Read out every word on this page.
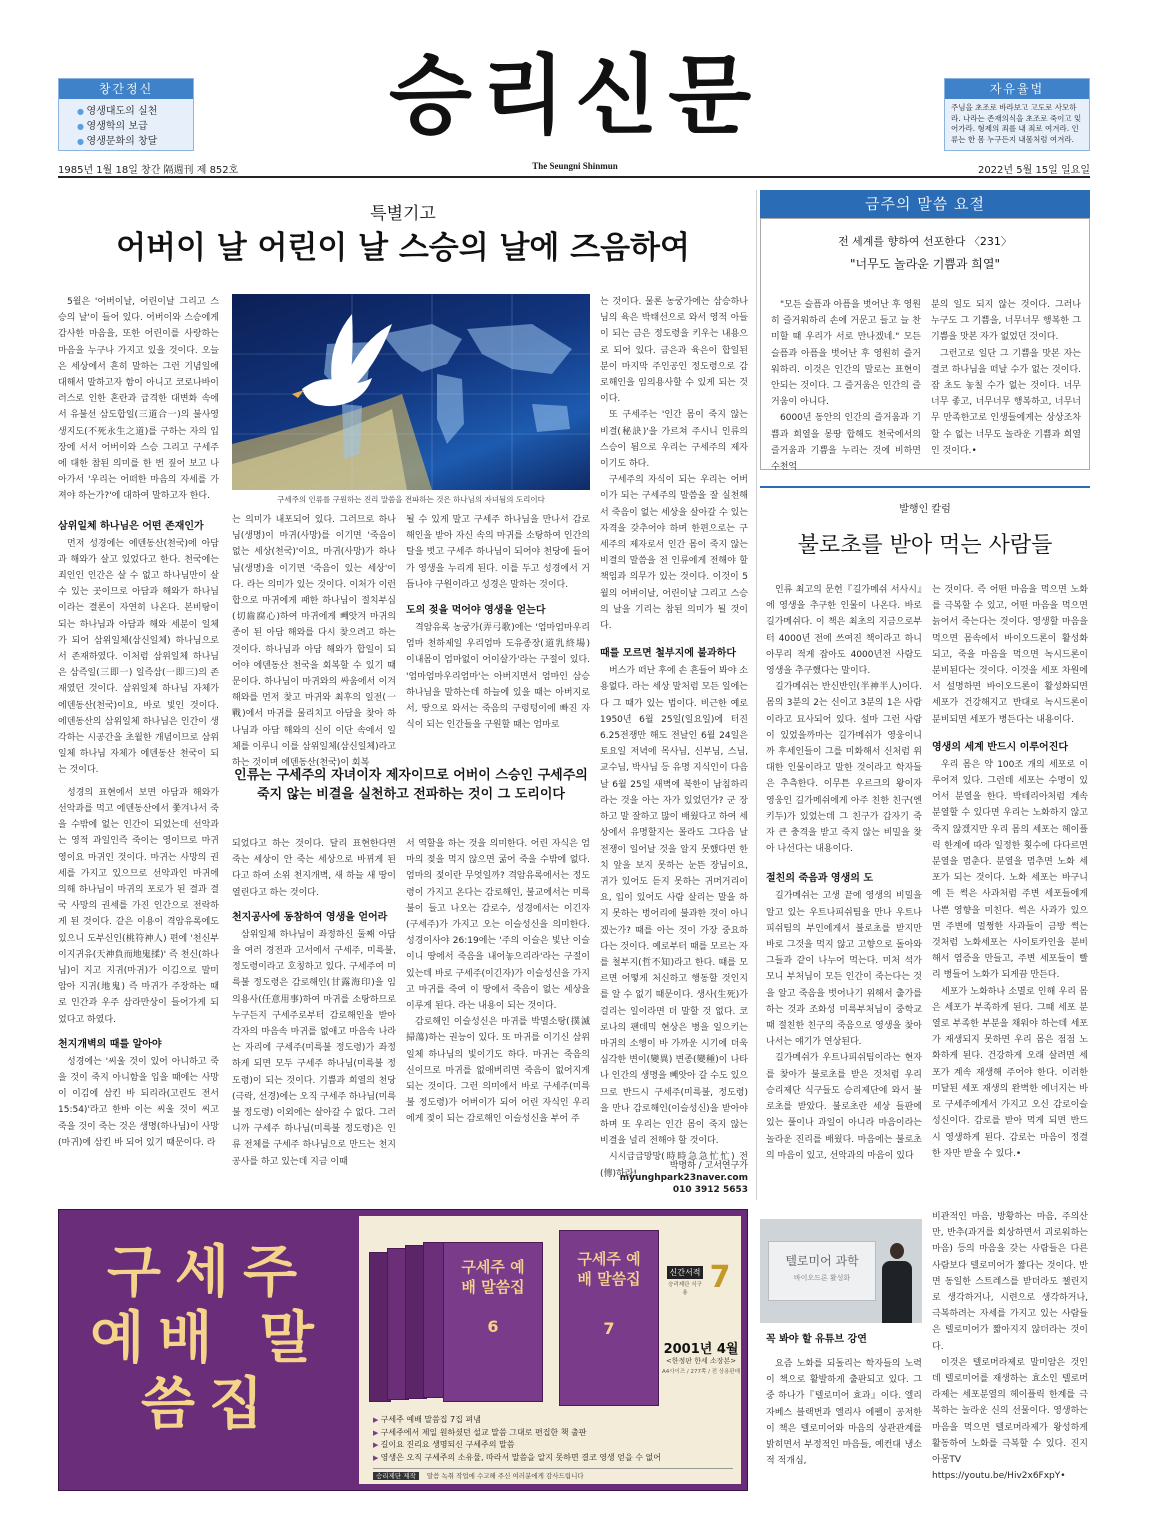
창간정신
● 영생대도의 실천
● 영생학의 보급
● 영생문화의 창달	승리신문	자유율법
주님을 초조로 바라보고 고도로 사모하라. 나라는 존재의식을 초조로 죽이고 잊어가라. 형제의 죄를 내 죄로 여겨라. 인류는 한 몸 누구든지 내몸처럼 여겨라.
1985년 1월 18일 창간 隔週刊 제 852호	The Seungni Shinmun	2022년 5월 15일 일요일
특별기고
어버이 날 어린이 날 스승의 날에 즈음하여

5월은 '어버이날, 어린이날 그리고 스승의 날'이 들어 있다. 어버이와 스승에게 감사한 마음을, 또한 어린이를 사랑하는 마음을 누구나 가지고 있을 것이다. 오늘은 세상에서 흔히 말하는 그런 기념일에 대해서 말하고자 함이 아니고 코로나바이러스로 인한 혼란과 급격한 대변화 속에서 유불선 삼도합일(三道合一)의 불사영생지도(不死永生之道)를 구하는 자의 입장에 서서 어버이와 스승 그리고 구세주에 대한 참된 의미를 한 번 짚어 보고 나아가서 '우리는 어떠한 마음의 자세를 가져야 하는가?'에 대하여 말하고자 한다.

삼위일체 하나님은 어떤 존재인가

먼저 성경에는 에덴동산(천국)에 아담과 해와가 살고 있었다고 한다. 천국에는 죄인인 인간은 살 수 없고 하나님만이 살 수 있는 곳이므로 아담과 해와가 하나님이라는 결론이 자연히 나온다. 본비탕이 되는 하나님과 아담과 해와 세분이 일체가 되어 삼위일체(삼신일체) 하나님으로서 존재하였다. 이처럼 삼위일체 하나님은 삼즉일(三即一) 일즉삼(一即三)의 존재였던 것이다. 삼위일체 하나님 자체가 에덴동산(천국)이요, 바로 빛인 것이다. 에덴동산의 삼위일체 하나님은 인간이 생각하는 시공간을 초월한 개념이므로 삼위일체 하나님 자체가 에덴동산 천국이 되는 것이다.

성경의 표현에서 보면 아담과 해와가 선악과를 먹고 에덴동산에서 쫓겨나서 죽을 수밖에 없는 인간이 되었는데 선악과는 영적 과일인즉 죽이는 영이므로 마귀 영이요 마귀인 것이다. 마귀는 사망의 권세를 가지고 있으므로 선악과인 마귀에 의해 하나님이 마귀의 포로가 된 결과 결국 사망의 권세를 가진 인간으로 전락하게 된 것이다. 같은 이용이 격암유록에도 있으니 도부신인(桃符神人) 편에 '천신부이지귀유(天神負而地鬼揉)' 즉 천신(하나님)이 지고 지귀(마귀)가 이김으로 말미암아 지귀(地鬼) 즉 마귀가 주장하는 때로 인간과 우주 삼라만상이 들어가게 되었다고 하였다.

천지개벽의 때를 알아야

성경에는 '씨울 것이 있어 아니하고 죽을 것이 죽지 아니함을 입을 때에는 사망이 이김에 삼킨 바 되리라(고린도 전서 15:54)'라고 한바 이는 씨울 것이 씨고 죽을 것이 죽는 것은 생명(하나님)이 사망(마귀)에 삼킨 바 되어 있기 때문이다. 라

구세주의 인류를 구원하는 진리 말씀을 전파하는 것은 하나님의 자녀됨의 도리이다

는 의미가 내포되어 있다. 그러므로 하나님(생명)이 마귀(사망)를 이기면 '죽음이 없는 세상(천국)'이요, 마귀(사망)가 하나님(생명)을 이기면 '죽음이 있는 세상'이다. 라는 의미가 있는 것이다. 이처가 이런 합으로 마귀에게 패한 하나님이 절치부심(切齒腐心)하여 마귀에게 빼앗겨 마귀의 종이 된 아담 해와를 다시 찾으려고 하는 것이다. 하나님과 아담 해와가 합일이 되어야 에덴동산 천국을 회복할 수 있기 때문이다. 하나님이 마귀와의 싸움에서 이겨 해와를 먼저 찾고 마귀와 최후의 일전(一戰)에서 마귀를 물리치고 아담을 찾아 하나님과 아담 해와의 신이 이단 속에서 일체를 이루니 이를 삼위일체(삼신일체)라고 하는 것이며 에덴동산(천국)이 회복

될 수 있게 말고 구세주 하나님을 만나서 감로해인을 받아 자신 속의 마귀를 소탕하여 인간의 탈을 벗고 구세주 하나님이 되어야 천당에 들어가 영생을 누리게 된다. 이를 두고 성경에서 거듭나야 구원이라고 성경은 말하는 것이다.

도의 젖을 먹어야 영생을 얻는다

격암유록 농궁가(弄弓歌)에는 '엄마엄마우리엄마 천하제일 우리엄마 도유종장(道乳終場) 이내몸이 엄마없이 어이살가'라는 구절이 있다. '엄마엄마우리엄마'는 아버지면서 엄마인 삼승 하나님을 말하는데 하늘에 있을 때는 아버지로서, 땅으로 와서는 죽음의 구렁텅이에 빠진 자식이 되는 인간들을 구원할 때는 엄마로

인류는 구세주의 자녀이자 제자이므로 어버이 스승인 구세주의 죽지 않는 비결을 실천하고 전파하는 것이 그 도리이다

되었다고 하는 것이다. 달리 표현한다면 죽는 세상이 안 죽는 세상으로 바뀌게 된다고 하여 소위 천지개벽, 새 하늘 새 땅이 열린다고 하는 것이다.

천지공사에 동참하여 영생을 얻어라

삼위일체 하나님이 좌정하신 둘째 아담을 여러 경전과 고서에서 구세주, 미륵불, 정도령이라고 호칭하고 있다. 구세주여 미륵불 정도령은 감로해인(甘露海印)을 임의용사(任意用事)하여 마귀를 소탕하므로 누구든지 구세주로부터 감로해인을 받아 각자의 마음속 마귀를 없애고 마음속 나라는 자리에 구세주(미륵불 정도령)가 좌정하게 되면 모두 구세주 하나님(미륵불 정도령)이 되는 것이다. 기쁨과 희열의 천당(극락, 선경)에는 오직 구세주 하나님(미륵불 정도령) 이외에는 살아갈 수 없다. 그러니까 구세주 하나님(미륵불 정도령)은 인류 전체를 구세주 하나님으로 만드는 천지 공사를 하고 있는데 지금 이때

서 역할을 하는 것을 의미한다. 어린 자식은 엄마의 젖을 먹지 않으면 굶어 죽을 수밖에 없다. 엄마의 젖이란 무엇일까? 격암유록에서는 정도령이 가지고 온다는 감로해인, 불교에서는 미륵불이 들고 나오는 감로수, 성경에서는 이긴자(구세주)가 가지고 오는 이슬성신을 의미한다. 성경이사야 26:19에는 '주의 이슬은 빛난 이슬이니 땅에서 죽음을 내어놓으리라'라는 구절이 있는데 바로 구세주(이긴자)가 이슬성신을 가지고 마귀를 죽여 이 땅에서 죽음이 없는 세상을 이루게 된다. 라는 내용이 되는 것이다.

감로해인 이슬성신은 마귀를 박멸소탕(撲滅掃蕩)하는 권능이 있다. 또 마귀를 이기신 삼위일체 하나님의 빛이기도 하다. 마귀는 죽음의 신이므로 마귀를 없애버리면 죽음이 없어지게 되는 것이다. 그런 의미에서 바로 구세주(미륵불 정도령)가 어버이가 되어 어린 자식인 우리에게 젖이 되는 감로해인 이슬성신을 부어 주

는 것이다. 물론 농궁가에는 삼승하나님의 육은 박태선으로 와서 영적 아들이 되는 금은 정도령을 키우는 내용으로 되어 있다. 금은과 육은이 합일된 분이 마지막 주인공인 정도령으로 감로해인을 임의용사할 수 있게 되는 것이다.

또 구세주는 '인간 몸이 죽지 않는 비결(秘訣)'을 가르쳐 주시니 인류의 스승이 됨으로 우리는 구세주의 제자이기도 하다.

구세주의 자식이 되는 우리는 어버이가 되는 구세주의 말씀을 잘 실천해서 죽음이 없는 세상을 살아갈 수 있는 자격을 갖추어야 하며 한편으로는 구세주의 제자로서 인간 몸이 죽지 않는 비결의 말씀을 전 인류에게 전해야 할 책임과 의무가 있는 것이다. 이것이 5월의 어버이날, 어린이날 그리고 스승의 날을 기리는 참된 의미가 될 것이다.

때를 모르면 철부지에 불과하다

버스가 떠난 후에 손 흔들어 봐야 소용없다. 라는 세상 말처럼 모든 일에는 다 그 때가 있는 법이다. 비근한 예로 1950년 6월 25일(일요일)에 터진 6.25전쟁만 해도 전날인 6월 24일은 토요일 저녁에 목사님, 신부님, 스님, 교수님, 박사님 등 유명 지식인이 다음날 6월 25일 새벽에 북한이 남침하리라는 것을 아는 자가 있었던가? 군 장하고 말 잘하고 많이 배웠다고 하여 세상에서 유명할지는 몰라도 그다음 날 전쟁이 일어날 것을 알지 못했다면 한 치 앞을 보지 못하는 눈뜬 장님이요, 귀가 있어도 듣지 못하는 귀머거리이요, 입이 있어도 사람 살리는 말을 하지 못하는 벙어리에 불과한 것이 아니겠는가? 때를 아는 것이 가장 중요하다는 것이다. 예로부터 때를 모르는 자를 철부지(哲不知)라고 한다. 때를 모르면 어떻게 처신하고 행동할 것인지를 알 수 없기 때문이다. 생사(生死)가 걸리는 일이라면 더 말할 것 없다. 코로나의 팬데믹 현상은 병을 일으키는 마귀의 소행이 바 가까운 시기에 더욱 심각한 변이(變異) 변종(變種)이 나타나 인간의 생명을 빼앗아 갈 수도 있으므로 반드시 구세주(미륵불, 정도령)을 만나 감로해인(이슬성신)을 받아야 하며 또 우리는 인간 몸이 죽지 않는 비결을 널리 전해야 할 것이다.

시시급급망망(時時急急忙忙) 전(傳)하라!

박명하 / 고서연구가
myunghpark23naver.com
010 3912 5653
금주의 말씀 요절
전 세계를 향하여 선포한다 〈231〉
"너무도 놀라운 기쁨과 희열"

"모든 슬픔과 아픔을 벗어난 후 영원히 즐거워하리 손에 거문고 들고 늘 찬미할 때 우리가 서로 만나겠네." 모든 슬픔과 아픔을 벗어난 후 영원히 즐거워하리. 이것은 인간의 말로는 표현이 안되는 것이다. 그 즐거움은 인간의 즐거움이 아니다.

6000년 동안의 인간의 즐거움과 기쁨과 희열을 몽땅 합해도 천국에서의 즐거움과 기쁨을 누리는 것에 비하면 수천억

분의 일도 되지 않는 것이다. 그러나 누구도 그 기쁨을, 너무너무 행복한 그 기쁨을 맛본 자가 없었던 것이다.

그런고로 일단 그 기쁨을 맛본 자는 결코 하나님을 떠날 수가 없는 것이다. 잠 초도 놓칠 수가 없는 것이다. 너무너무 좋고, 너무너무 행복하고, 너무너무 만족한고로 인생들에게는 상상조차 할 수 없는 너무도 놀라운 기쁨과 희열인 것이다.•

발행인 칼럼
불로초를 받아 먹는 사람들

인류 최고의 문헌『길가메쉬 서사시』에 영생을 추구한 인물이 나온다. 바로 길가메쉬다. 이 책은 최초의 지금으로부터 4000년 전에 쓰여진 책이라고 하니 아무리 적게 잡아도 4000년전 사람도 영생을 추구했다는 말이다.

길가메쉬는 반신반인(半神半人)이다. 몸의 3분의 2는 신이고 3분의 1은 사람이라고 묘사되어 있다. 설마 그런 사람이 있었을까마는 길가메쉬가 영웅이니까 후세인들이 그를 미화해서 신처럼 위대한 인물이라고 말한 것이라고 학자들은 추측한다. 이무튼 우르크의 왕이자 영웅인 길가메쉬에게 아주 친한 친구(엔키두)가 있었는데 그 친구가 갑자기 죽자 큰 충격을 받고 죽지 않는 비밀을 찾아 나선다는 내용이다.

절친의 죽음과 영생의 도

길가메쉬는 고생 끝에 영생의 비밀을 알고 있는 우트나피쉬팀을 만나 우트나피쉬팀의 부인에게서 불로초를 받지만 바로 그것을 먹지 않고 고향으로 돌아와 그들과 같이 나누어 먹는다. 미처 석가모니 부처님이 모든 인간이 죽는다는 것을 알고 죽음을 벗어나기 위해서 출가를 하는 것과 조화성 미륵부처님이 중학교 때 절친한 친구의 죽음으로 영생을 찾아나서는 얘기가 연상된다.

길가메쉬가 우트나피쉬팀이라는 현자를 찾아가 불로초를 받은 것처럼 우리 승리제단 식구들도 승리제단에 와서 불로초를 받았다. 불로초란 세상 들판에 있는 풀이나 과일이 아니라 마음이라는 놀라운 진리를 배웠다. 마음에는 불로초의 마음이 있고, 선악과의 마음이 있다

는 것이다. 즉 어떤 마음을 먹으면 노화를 극복할 수 있고, 어떤 마음을 먹으면 늙어서 죽는다는 것이다. 영생할 마음을 먹으면 몸속에서 바이오드론이 활성화되고, 죽을 마음을 먹으면 녹시드론이 분비된다는 것이다. 이것을 세포 차원에서 설명하면 바이오드론이 활성화되면 세포가 건강해지고 반대로 녹시드론이 분비되면 세포가 병든다는 내용이다.

영생의 세계 반드시 이루어진다

우리 몸은 약 100조 개의 세포로 이루어져 있다. 그런데 세포는 수명이 있어서 분열을 한다. 박테리아처럼 계속 분열할 수 있다면 우리는 노화하지 않고 죽지 않겠지만 우리 몸의 세포는 헤이플릭 한계에 따라 일정한 횟수에 다다르면 분열을 멈춘다. 분열을 멈추면 노화 세포가 되는 것이다. 노화 세포는 바구니에 든 썩은 사과처럼 주변 세포들에게 나쁜 영향을 미친다. 썩은 사과가 있으면 주변에 멀쩡한 사과들이 금방 썩는 것처럼 노화세포는 사이토카인을 분비해서 염증을 만들고, 주변 세포들이 빨리 병들어 노화가 되게끔 만든다.

세포가 노화하나 소멸로 인해 우리 몸은 세포가 부족하게 된다. 그때 세포 분열로 부족한 부분을 채워야 하는데 세포가 재생되지 못하면 우리 몸은 점점 노화하게 된다. 건강하게 오래 살려면 세포가 계속 재생해 주어야 한다. 이러한 미달된 세포 재생의 완벽한 에너지는 바로 구세주에게서 가지고 오신 감로이슬성신이다. 감로를 받아 먹게 되면 반드시 영생하게 된다. 감로는 마음이 정결한 자만 받을 수 있다.•

구세주 예배 말씀집
구세주 예배 말씀집
6
구세주 예배 말씀집
7
신간서적
승리제단 식구용 7
2001년 4월
<한정판 한세 소장본>
A4사이즈 / 277쪽 / 전 상용판매
▶ 구세주 예배 말씀집 7집 펴냄
▶ 구세주에서 제일 원하셨던 설교 말씀 그대로 편집한 책 출판
▶ 길이요 진리요 생명되신 구세주의 말씀
▶ 영생은 오직 구세주의 소유물, 따라서 말씀을 알지 못하면 결코 영생 얻을 수 없어
승리제단 제작 말씀 녹취 작업에 수고해 주신 여러분에게 감사드립니다
텔로미어 과학
바이오드론 활성화
꼭 봐야 할 유튜브 강연

요즘 노화를 되돌리는 학자들의 노력이 책으로 활발하게 출판되고 있다. 그중 하나가『텔로미어 효과』이다. 엘리자베스 블랙번과 엘리사 에펠이 공저한 이 책은 텔로미어와 마음의 상관관계를 밝히면서 부정적인 마음들, 예컨대 냉소적 적개심,

비관적인 마음, 방황하는 마음, 주의산만, 반추(과거를 회상하면서 괴로워하는 마음) 등의 마음을 갖는 사람들은 다른 사람보다 텔로미어가 짧다는 것이다. 반면 동일한 스트레스를 받더라도 챌린지로 생각하거나, 시련으로 생각하거나, 극복하려는 자세를 가지고 있는 사람들은 텔로미어가 짧아지지 않더라는 것이다.

이것은 텔로머라제로 말미암은 것인데 텔로미어를 재생하는 효소인 텔로머라제는 세포분열의 헤이플릭 한계를 극복하는 놀라운 신의 선물이다. 영생하는 마음을 먹으면 텔로머라제가 왕성하게 활동하여 노화를 극복할 수 있다. 진지아몽TV https://youtu.be/Hiv2x6FxpY•
